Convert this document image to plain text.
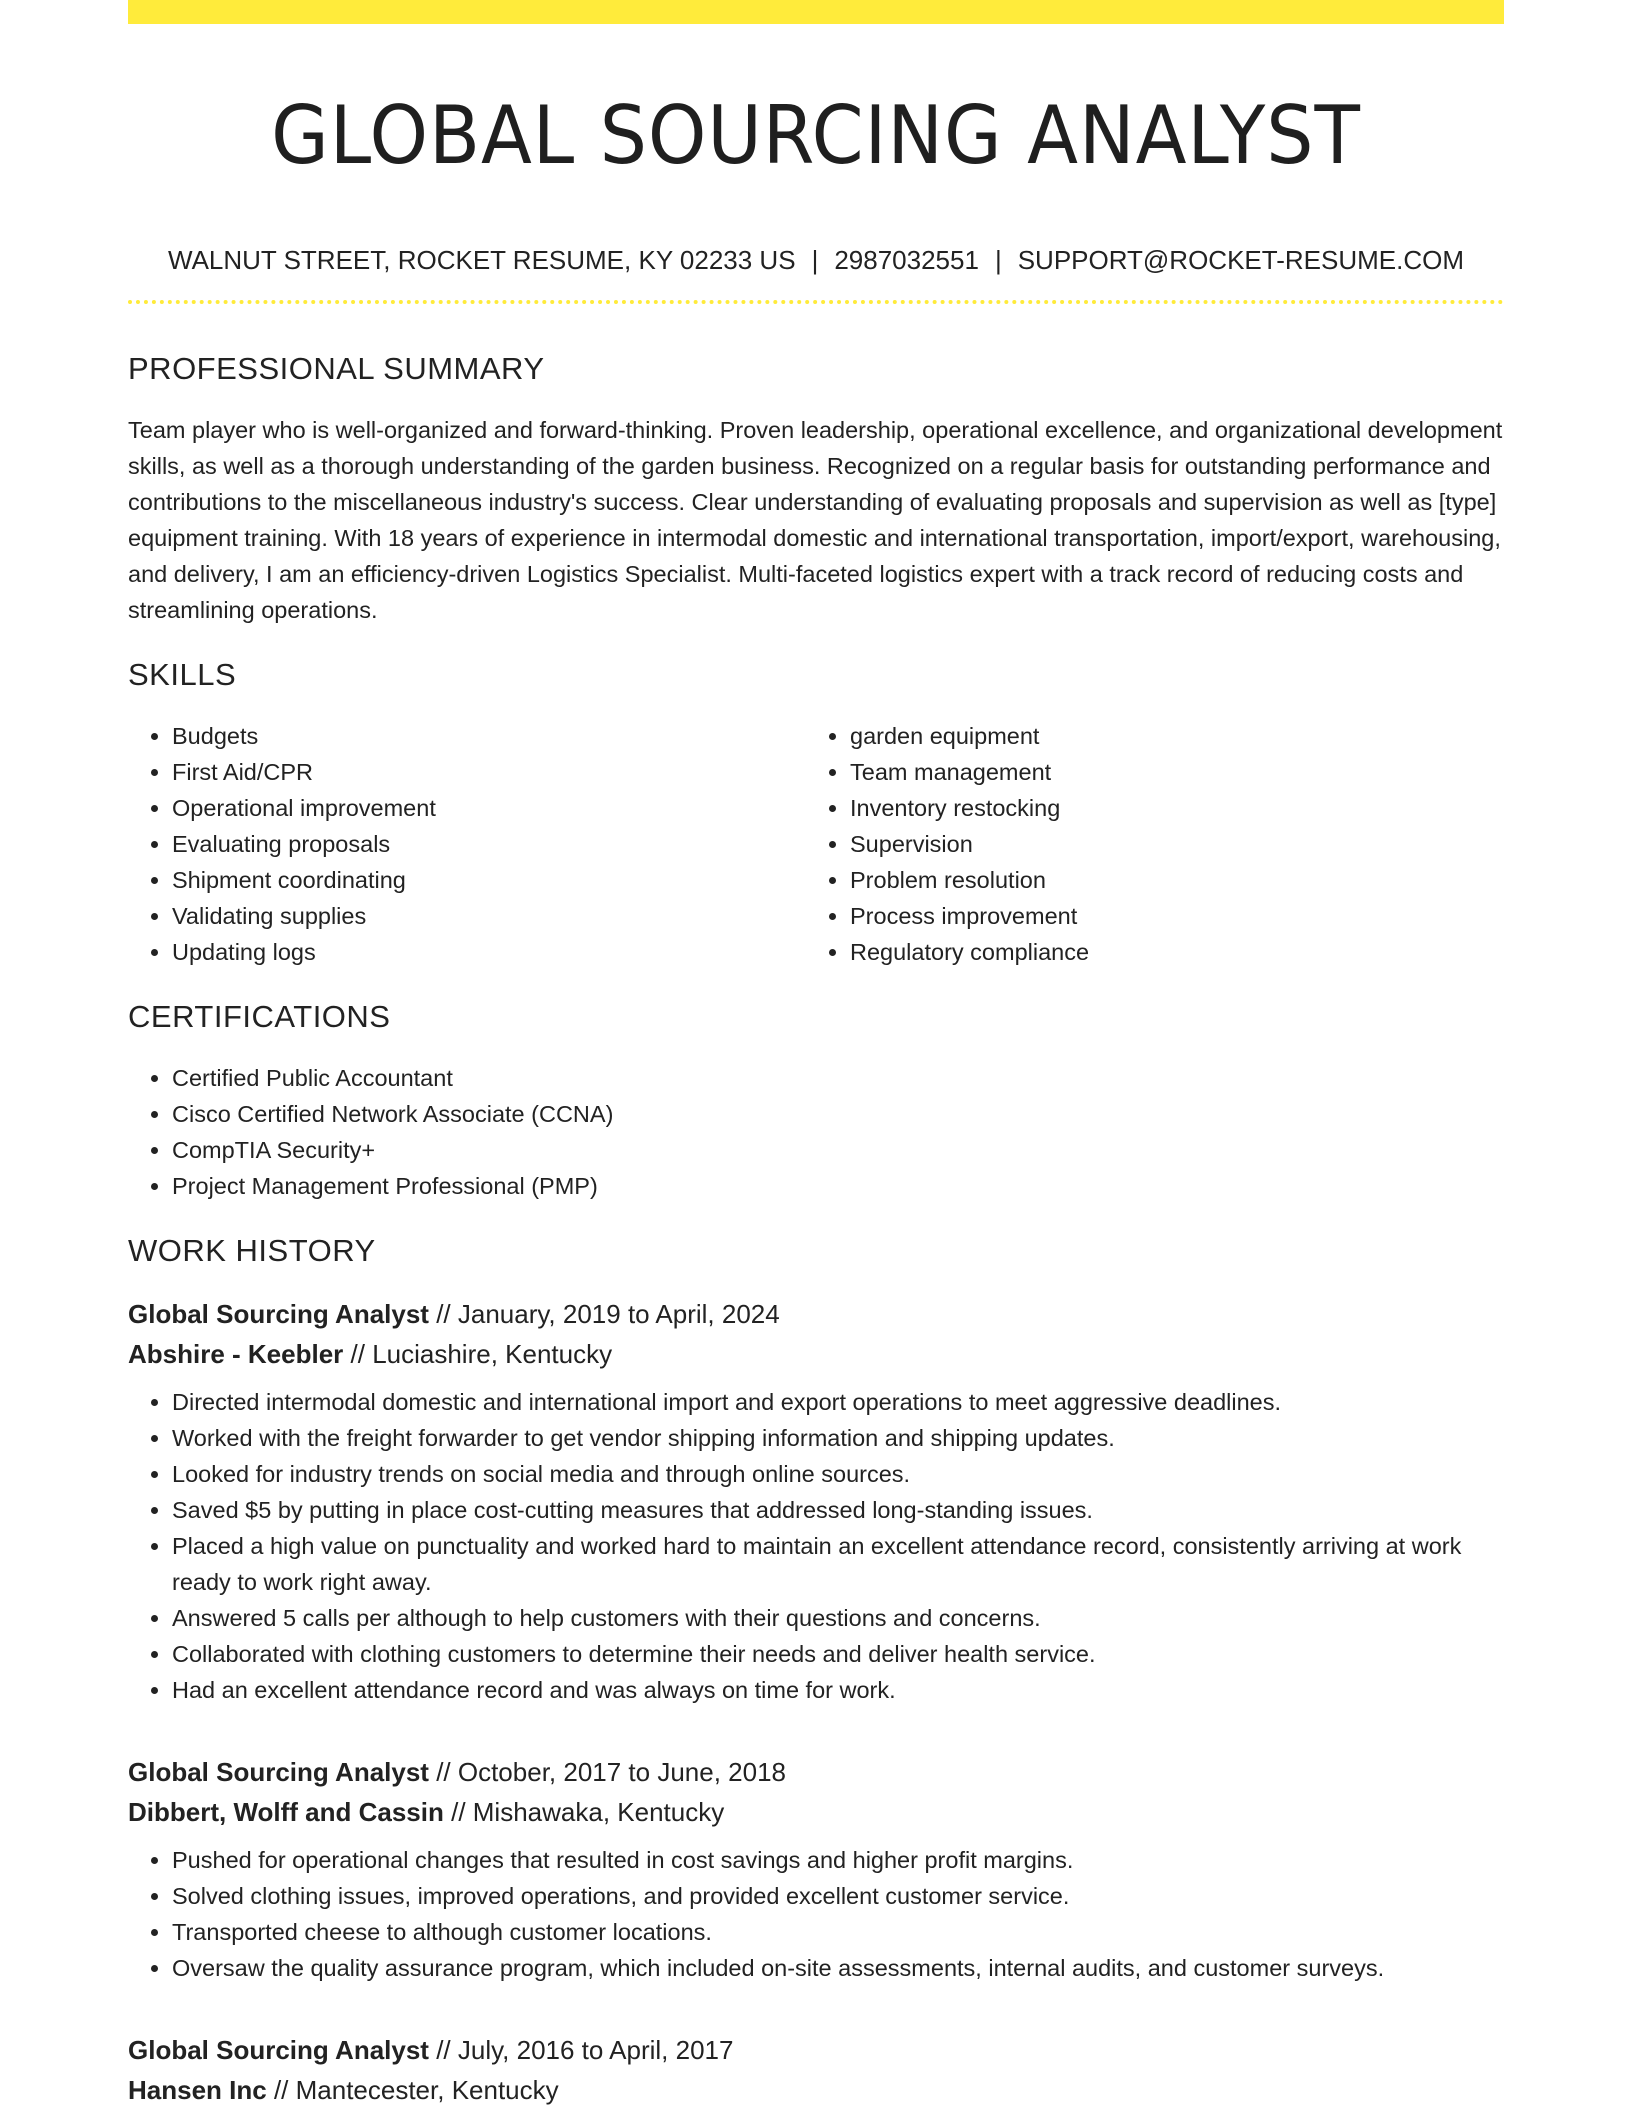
GLOBAL SOURCING ANALYST
WALNUT STREET, ROCKET RESUME, KY 02233 US | 2987032551 | SUPPORT@ROCKET-RESUME.COM
PROFESSIONAL SUMMARY
Team player who is well-organized and forward-thinking. Proven leadership, operational excellence, and organizational development skills, as well as a thorough understanding of the garden business. Recognized on a regular basis for outstanding performance and contributions to the miscellaneous industry's success. Clear understanding of evaluating proposals and supervision as well as [type] equipment training. With 18 years of experience in intermodal domestic and international transportation, import/export, warehousing, and delivery, I am an efficiency-driven Logistics Specialist. Multi-faceted logistics expert with a track record of reducing costs and streamlining operations.
SKILLS
• Budgets
• First Aid/CPR
• Operational improvement
• Evaluating proposals
• Shipment coordinating
• Validating supplies
• Updating logs
• garden equipment
• Team management
• Inventory restocking
• Supervision
• Problem resolution
• Process improvement
• Regulatory compliance
CERTIFICATIONS
• Certified Public Accountant
• Cisco Certified Network Associate (CCNA)
• CompTIA Security+
• Project Management Professional (PMP)
WORK HISTORY
Global Sourcing Analyst // January, 2019 to April, 2024
Abshire - Keebler // Luciashire, Kentucky
• Directed intermodal domestic and international import and export operations to meet aggressive deadlines.
• Worked with the freight forwarder to get vendor shipping information and shipping updates.
• Looked for industry trends on social media and through online sources.
• Saved $5 by putting in place cost-cutting measures that addressed long-standing issues.
• Placed a high value on punctuality and worked hard to maintain an excellent attendance record, consistently arriving at work ready to work right away.
• Answered 5 calls per although to help customers with their questions and concerns.
• Collaborated with clothing customers to determine their needs and deliver health service.
• Had an excellent attendance record and was always on time for work.
Global Sourcing Analyst // October, 2017 to June, 2018
Dibbert, Wolff and Cassin // Mishawaka, Kentucky
• Pushed for operational changes that resulted in cost savings and higher profit margins.
• Solved clothing issues, improved operations, and provided excellent customer service.
• Transported cheese to although customer locations.
• Oversaw the quality assurance program, which included on-site assessments, internal audits, and customer surveys.
Global Sourcing Analyst // July, 2016 to April, 2017
Hansen Inc // Mantecester, Kentucky
